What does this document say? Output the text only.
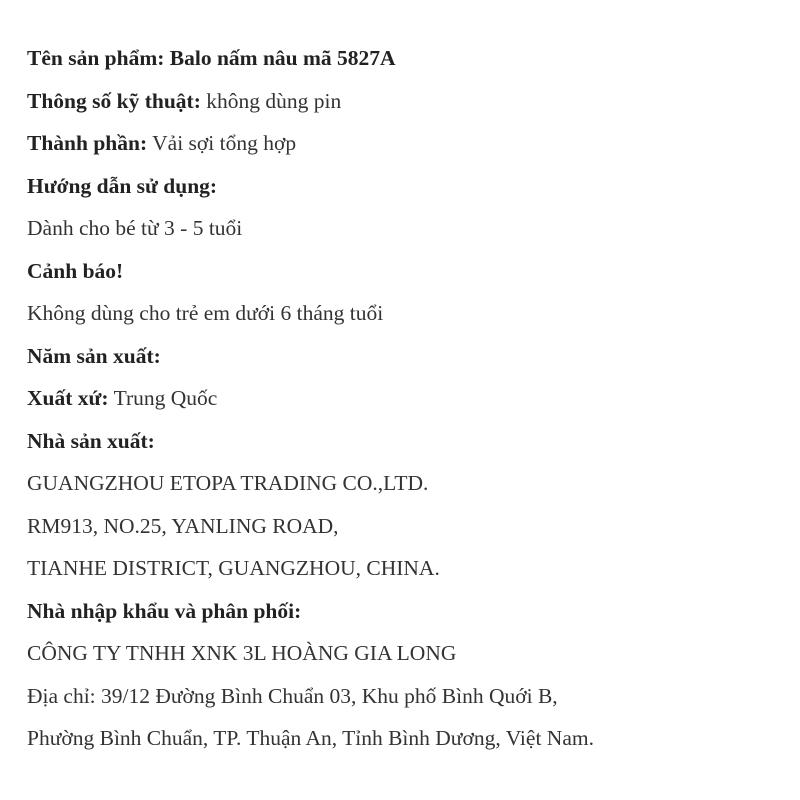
Tên sản phẩm: Balo nấm nâu mã 5827A
Thông số kỹ thuật: không dùng pin
Thành phần: Vải sợi tổng hợp
Hướng dẫn sử dụng:
Dành cho bé từ 3 - 5 tuổi
Cảnh báo!
Không dùng cho trẻ em dưới 6 tháng tuổi
Năm sản xuất:
Xuất xứ: Trung Quốc
Nhà sản xuất:
GUANGZHOU ETOPA TRADING CO.,LTD.
RM913, NO.25, YANLING ROAD,
TIANHE DISTRICT, GUANGZHOU, CHINA.
Nhà nhập khẩu và phân phối:
CÔNG TY TNHH XNK 3L HOÀNG GIA LONG
Địa chỉ: 39/12 Đường Bình Chuẩn 03, Khu phố Bình Quới B,
Phường Bình Chuẩn, TP. Thuận An, Tỉnh Bình Dương, Việt Nam.
